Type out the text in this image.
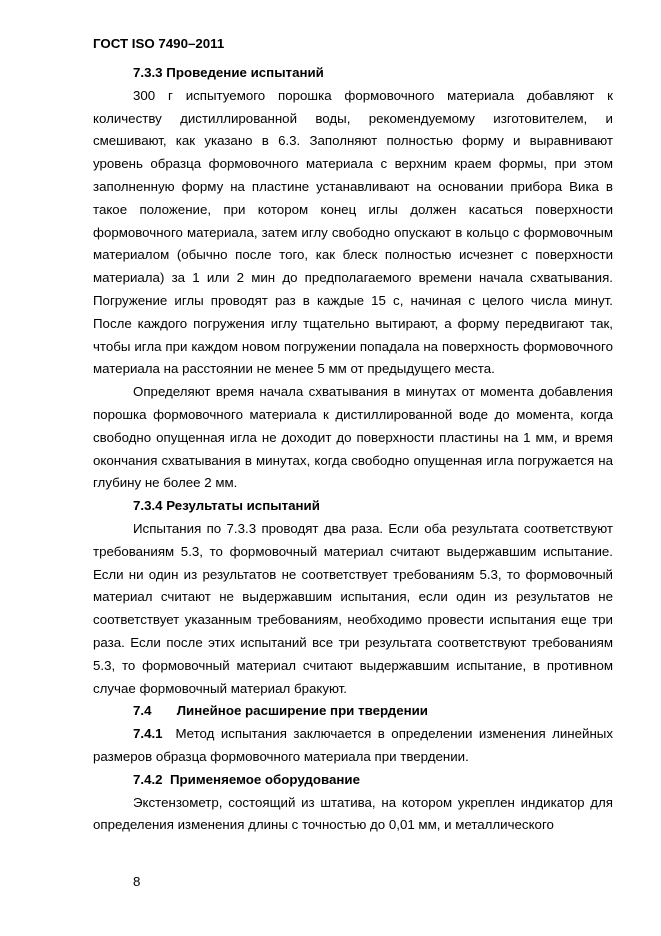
ГОСТ ISO 7490–2011

7.3.3 Проведение испытаний

300 г испытуемого порошка формовочного материала добавляют к количеству дистиллированной воды, рекомендуемому изготовителем, и смешивают, как указано в 6.3. Заполняют полностью форму и выравнивают уровень образца формовочного материала с верхним краем формы, при этом заполненную форму на пластине устанавливают на основании прибора Вика в такое положение, при котором конец иглы должен касаться поверхности формовочного материала, затем иглу свободно опускают в кольцо с формовочным материалом (обычно после того, как блеск полностью исчезнет с поверхности материала) за 1 или 2 мин до предполагаемого времени начала схватывания. Погружение иглы проводят раз в каждые 15 с, начиная с целого числа минут. После каждого погружения иглу тщательно вытирают, а форму передвигают так, чтобы игла при каждом новом погружении попадала на поверхность формовочного материала на расстоянии не менее 5 мм от предыдущего места.

Определяют время начала схватывания в минутах от момента добавления порошка формовочного материала к дистиллированной воде до момента, когда свободно опущенная игла не доходит до поверхности пластины на 1 мм, и время окончания схватывания в минутах, когда свободно опущенная игла погружается на глубину не более 2 мм.

7.3.4 Результаты испытаний

Испытания по 7.3.3 проводят два раза. Если оба результата соответствуют требованиям 5.3, то формовочный материал считают выдержавшим испытание. Если ни один из результатов не соответствует требованиям 5.3, то формовочный материал считают не выдержавшим испытания, если один из результатов не соответствует указанным требованиям, необходимо провести испытания еще три раза. Если после этих испытаний все три результата соответствуют требованиям 5.3, то формовочный материал считают выдержавшим испытание, в противном случае формовочный материал бракуют.

7.4 Линейное расширение при твердении

7.4.1 Метод испытания заключается в определении изменения линейных размеров образца формовочного материала при твердении.

7.4.2 Применяемое оборудование

Экстензометр, состоящий из штатива, на котором укреплен индикатор для определения изменения длины с точностью до 0,01 мм, и металлического

8
